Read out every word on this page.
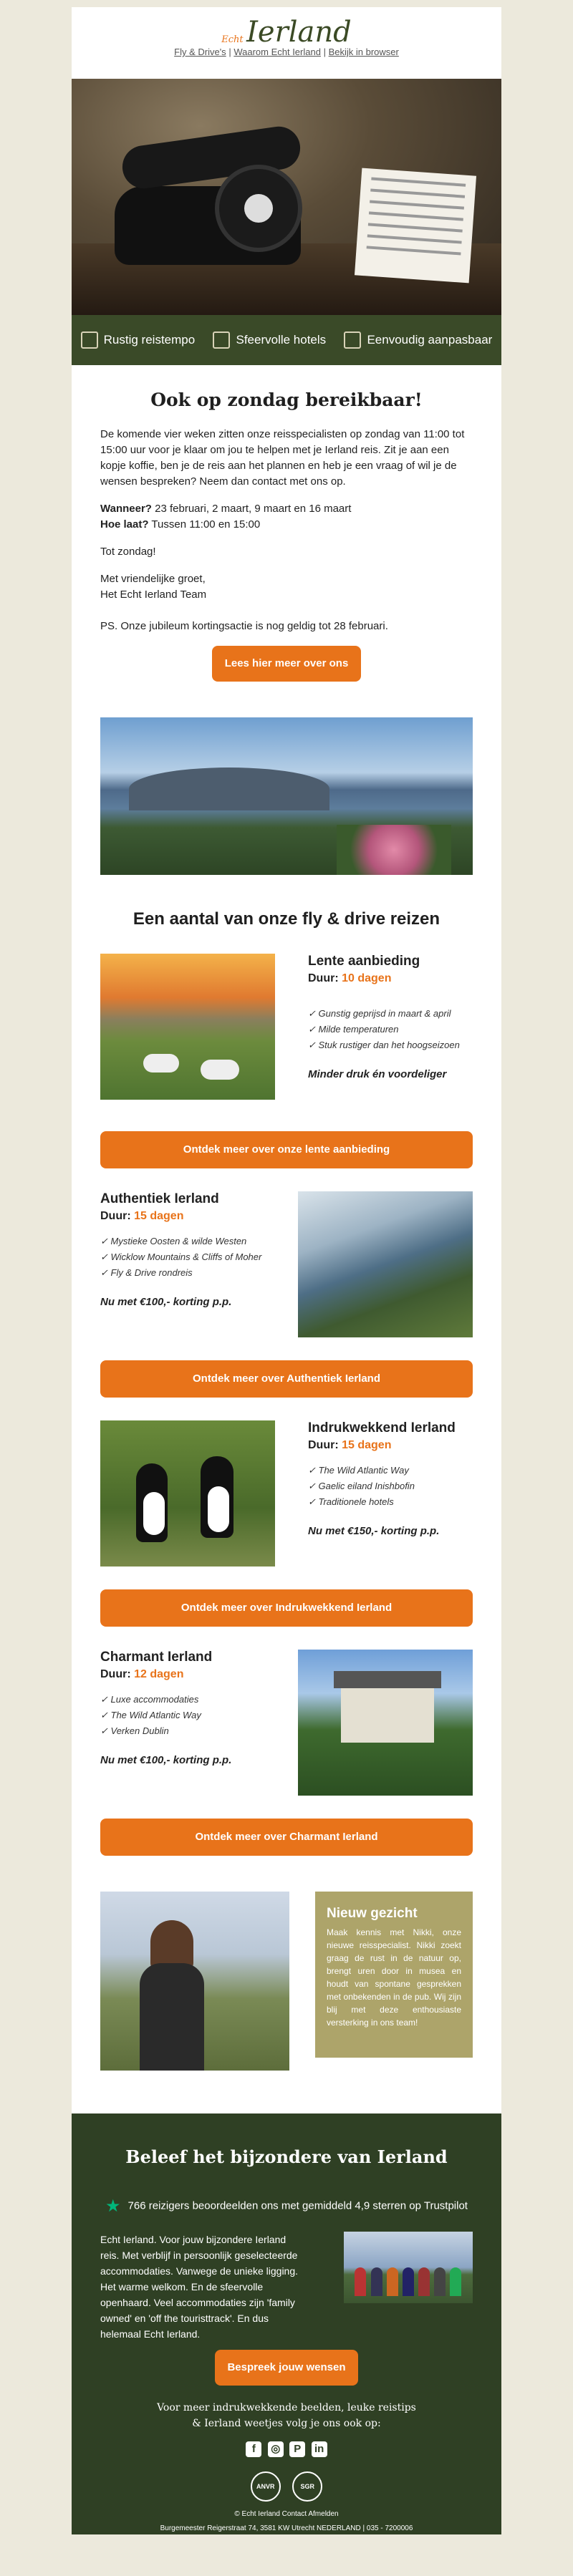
Echt Ierland
Fly & Drive's | Waarom Echt Ierland | Bekijk in browser
Rustig reistempo	Sfeervolle hotels	Eenvoudig aanpasbaar
Ook op zondag bereikbaar!

De komende vier weken zitten onze reisspecialisten op zondag van 11:00 tot 15:00 uur voor je klaar om jou te helpen met je Ierland reis. Zit je aan een kopje koffie, ben je de reis aan het plannen en heb je een vraag of wil je de wensen bespreken? Neem dan contact met ons op.

Wanneer? 23 februari, 2 maart, 9 maart en 16 maart
Hoe laat? Tussen 11:00 en 15:00

Tot zondag!

Met vriendelijke groet,
Het Echt Ierland Team

PS. Onze jubileum kortingsactie is nog geldig tot 28 februari.

Lees hier meer over ons jubileum
Een aantal van onze fly & drive reizen
Lente aanbieding
Duur: 10 dagen
✓ Gunstig geprijsd in maart & april
✓ Milde temperaturen
✓ Stuk rustiger dan het hoogseizoen
Minder druk én voordeliger
Ontdek meer over onze lente aanbieding
Authentiek Ierland
Duur: 15 dagen
✓ Mystieke Oosten & wilde Westen
✓ Wicklow Mountains & Cliffs of Moher
✓ Fly & Drive rondreis
Nu met €100,- korting p.p.
Ontdek meer over Authentiek Ierland
Indrukwekkend Ierland
Duur: 15 dagen
✓ The Wild Atlantic Way
✓ Gaelic eiland Inishbofin
✓ Traditionele hotels
Nu met €150,- korting p.p.
Ontdek meer over Indrukwekkend Ierland
Charmant Ierland
Duur: 12 dagen
✓ Luxe accommodaties
✓ The Wild Atlantic Way
✓ Verken Dublin
Nu met €100,- korting p.p.
Ontdek meer over Charmant Ierland
Nieuw gezicht

Maak kennis met Nikki, onze nieuwe reisspecialist. Nikki zoekt graag de rust in de natuur op, brengt uren door in musea en houdt van spontane gesprekken met onbekenden in de pub. Wij zijn blij met deze enthousiaste versterking in ons team!

Beleef het bijzondere van Ierland
★ 766 reizigers beoordeelden ons met gemiddeld 4,9 sterren op Trustpilot
Echt Ierland. Voor jouw bijzondere Ierland reis. Met verblijf in persoonlijk geselecteerde accommodaties. Vanwege de unieke ligging. Het warme welkom. En de sfeervolle openhaard. Veel accommodaties zijn 'family owned' en 'off the touristtrack'. En dus helemaal Echt Ierland.
Bespreek jouw wensen
Voor meer indrukwekkende beelden, leuke reistips
& Ierland weetjes volg je ons ook op:
f ◎ P in
ANVR	SGR
© Echt Ierland Contact Afmelden
Burgemeester Reigerstraat 74, 3581 KW Utrecht NEDERLAND | 035 - 7200006
